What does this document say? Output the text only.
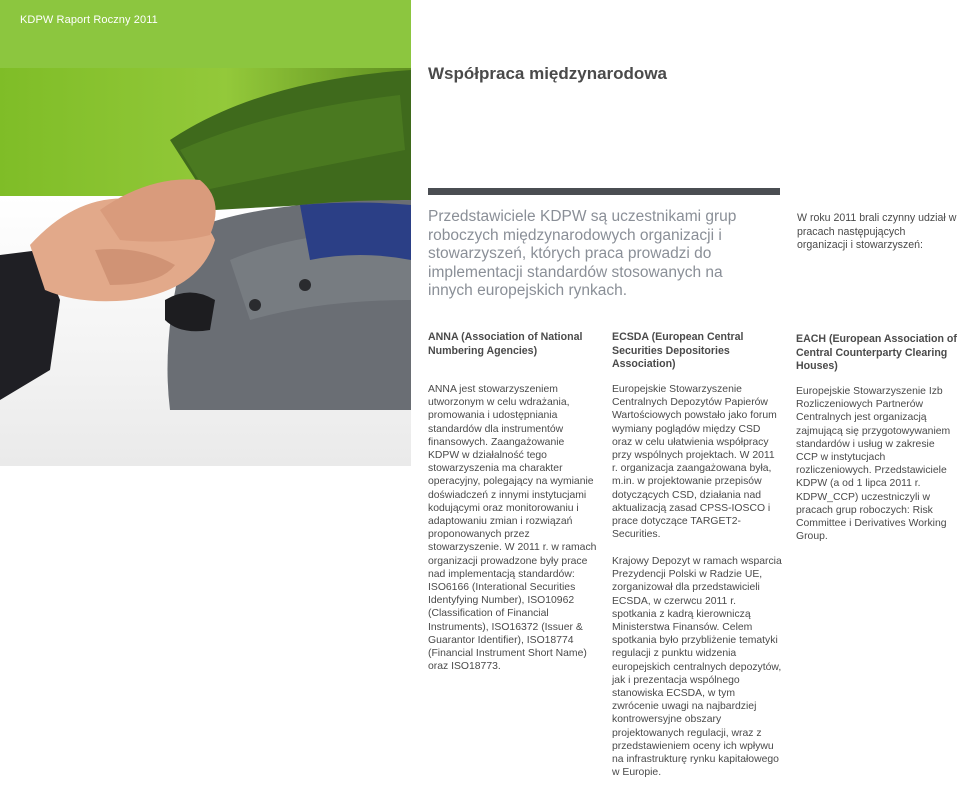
KDPW Raport Roczny 2011
Współpraca międzynarodowa
Przedstawiciele KDPW są uczestnikami grup roboczych międzynarodowych organizacji i stowarzyszeń, których praca prowadzi do implementacji standardów stosowanych na innych europejskich rynkach.
W roku 2011 brali czynny udział w pracach następujących organizacji i stowarzyszeń:
ANNA (Association of National Numbering Agencies)

ANNA jest stowarzyszeniem utworzonym w celu wdrażania, promowania i udostępniania standardów dla instrumentów finansowych. Zaangażowanie KDPW w działalność tego stowarzyszenia ma charakter operacyjny, polegający na wymianie doświadczeń z innymi instytucjami kodującymi oraz monitorowaniu i adaptowaniu zmian i rozwiązań proponowanych przez stowarzyszenie. W 2011 r. w ramach organizacji prowadzone były prace nad implementacją standardów: ISO6166 (Interational Securities Identyfying Number), ISO10962 (Classification of Financial Instruments), ISO16372 (Issuer & Guarantor Identifier), ISO18774 (Financial Instrument Short Name) oraz ISO18773.

ECSDA (European Central Securities Depositories Association)

Europejskie Stowarzyszenie Centralnych Depozytów Papierów Wartościowych powstało jako forum wymiany poglądów między CSD oraz w celu ułatwienia współpracy przy wspólnych projektach. W 2011 r. organizacja zaangażowana była, m.in. w projektowanie przepisów dotyczących CSD, działania nad aktualizacją zasad CPSS-IOSCO i prace dotyczące TARGET2-Securities.

Krajowy Depozyt w ramach wsparcia Prezydencji Polski w Radzie UE, zorganizował dla przedstawicieli ECSDA, w czerwcu 2011 r. spotkania z kadrą kierowniczą Ministerstwa Finansów. Celem spotkania było przybliżenie tematyki regulacji z punktu widzenia europejskich centralnych depozytów, jak i prezentacja wspólnego stanowiska ECSDA, w tym zwrócenie uwagi na najbardziej kontrowersyjne obszary projektowanych regulacji, wraz z przedstawieniem oceny ich wpływu na infrastrukturę rynku kapitałowego w Europie.

EACH (European Association of Central Counterparty Clearing Houses)

Europejskie Stowarzyszenie Izb Rozliczeniowych Partnerów Centralnych jest organizacją zajmującą się przygotowywaniem standardów i usług w zakresie CCP w instytucjach rozliczeniowych. Przedstawiciele KDPW (a od 1 lipca 2011 r. KDPW_CCP) uczestniczyli w pracach grup roboczych: Risk Committee i Derivatives Working Group.
